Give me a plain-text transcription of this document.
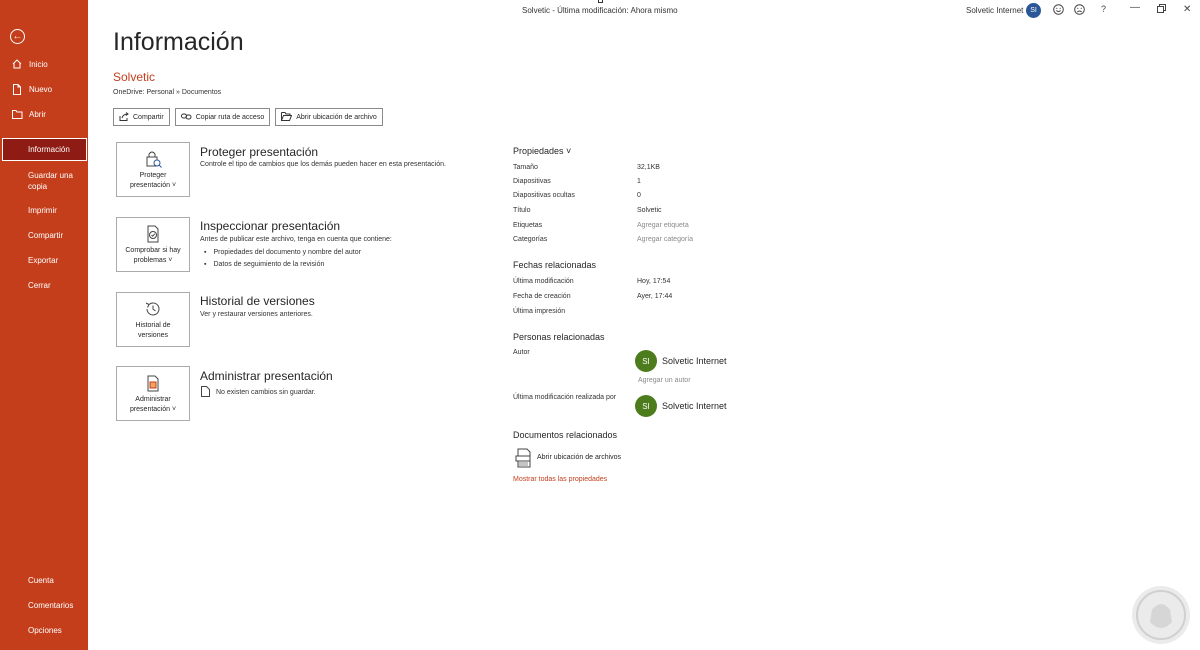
←
Inicio
Nuevo
Abrir
Información
Guardar una copia
Imprimir
Compartir
Exportar
Cerrar
Cuenta
Comentarios
Opciones
Solvetic - Última modificación: Ahora mismo	Solvetic Internet SI	? —	✕
Información
Solvetic
OneDrive: Personal » Documentos
Compartir	Copiar ruta de acceso	Abrir ubicación de archivo
Proteger
presentación ˅
Proteger presentación
Controle el tipo de cambios que los demás pueden hacer en esta presentación.
Comprobar si hay
problemas ˅
Inspeccionar presentación
Antes de publicar este archivo, tenga en cuenta que contiene:
▪ Propiedades del documento y nombre del autor
▪ Datos de seguimiento de la revisión
Historial de
versiones
Historial de versiones
Ver y restaurar versiones anteriores.
Administrar
presentación ˅
Administrar presentación
No existen cambios sin guardar.
Propiedades ˅
Tamaño	32,1KB
Diapositivas	1
Diapositivas ocultas	0
Título	Solvetic
Etiquetas	Agregar etiqueta
Categorías	Agregar categoría
Fechas relacionadas
Última modificación	Hoy, 17:54
Fecha de creación	Ayer, 17:44
Última impresión
Personas relacionadas
Autor
SI	Solvetic Internet
Agregar un autor
Última modificación realizada por
SI	Solvetic Internet
Documentos relacionados
Abrir ubicación de archivos
Mostrar todas las propiedades
